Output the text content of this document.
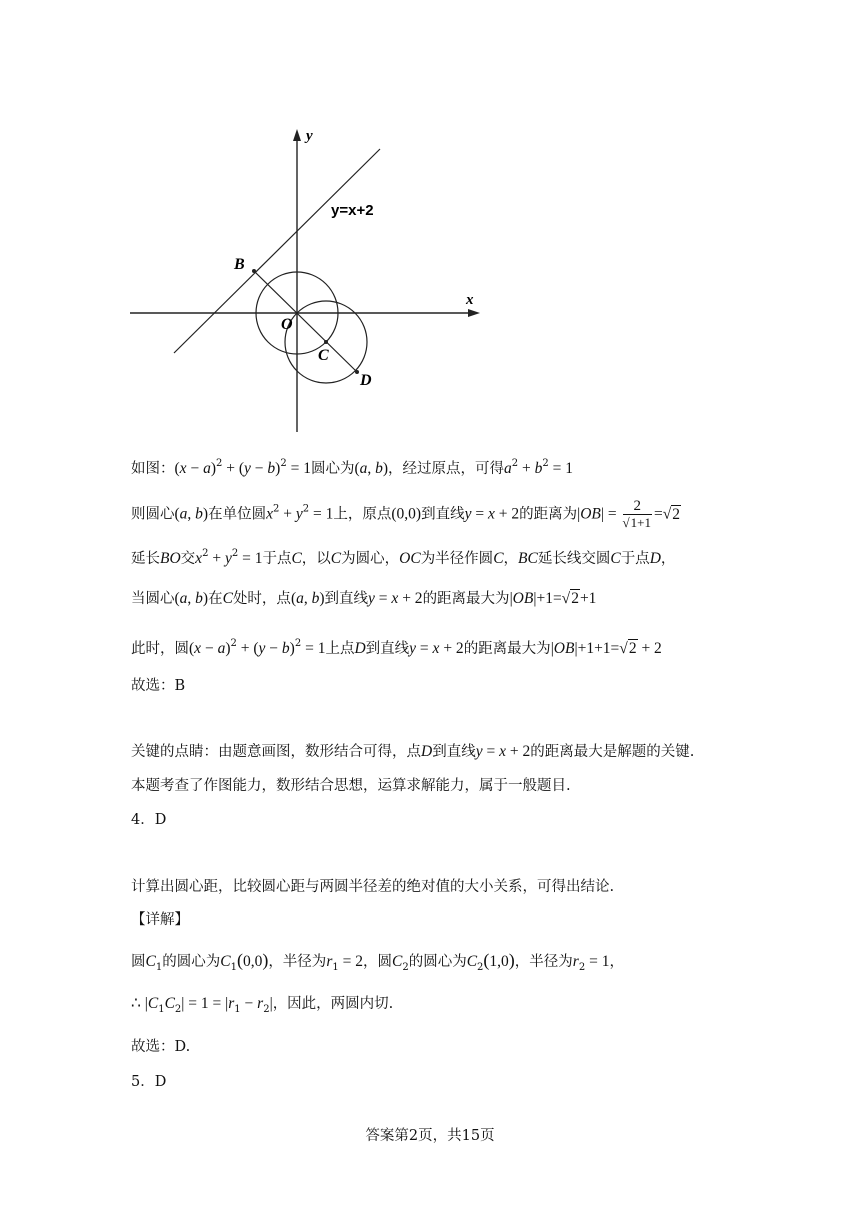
y
x
y=x+2
B
O
C
D
如图：$(x - a)^2 + (y - b)^2 = 1$圆心为(a, b)，经过原点，可得$a^2 + b^2 = 1$
则圆心(a, b)在单位圆$x^2 + y^2 = 1$上，原点(0,0)到直线y = x + 2的距离为$|OB| = \frac{2}{√1+1} =√2$
延长BO交$x^2 + y^2 = 1$于点C，以C为圆心，OC为半径作圆C，BC延长线交圆C于点D，
当圆心(a, b)在C处时，点(a, b)到直线y = x + 2的距离最大为|OB|+1=√2+1
此时，圆$(x - a)^2 + (y - b)^2 = 1$上点D到直线y = x + 2的距离最大为|OB|+1+1=√2 + 2
故选：B
关键的点睛：由题意画图，数形结合可得，点D到直线y = x + 2的距离最大是解题的关键.
本题考查了作图能力，数形结合思想，运算求解能力，属于一般题目.
4．D
计算出圆心距，比较圆心距与两圆半径差的绝对值的大小关系，可得出结论.
【详解】
圆$C_1$的圆心为$C_1(0,0)$，半径为$r_1 = 2$，圆$C_2$的圆心为$C_2(1,0)$，半径为$r_2 = 1$，
∴ $|C_1C_2| = 1 = |r_1 - r_2|$，因此，两圆内切.
故选：D.
5．D
答案第2页，共15页
